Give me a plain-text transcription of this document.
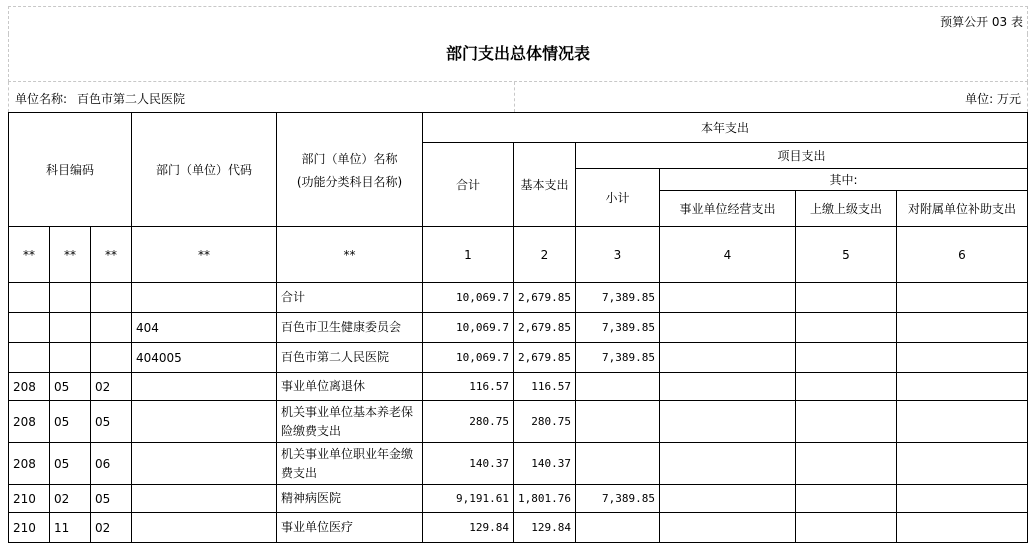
预算公开 03 表
部门支出总体情况表
单位名称: 百色市第二人民医院	单位: 万元
科目编码			部门（单位）代码	部门（单位）名称
(功能分类科目名称)	本年支出					
					合计	基本支出	项目支出			
							小计	其中:		
								事业单位经营支出	上缴上级支出	对附属单位补助支出
**	**	**	**	**	1	2	3	4	5	6
				合计	10,069.7	2,679.85	7,389.85			
			404	百色市卫生健康委员会	10,069.7	2,679.85	7,389.85			
			404005	百色市第二人民医院	10,069.7	2,679.85	7,389.85			
208	05	02		事业单位离退休	116.57	116.57				
208	05	05		机关事业单位基本养老保险缴费支出	280.75	280.75				
208	05	06		机关事业单位职业年金缴费支出	140.37	140.37				
210	02	05		精神病医院	9,191.61	1,801.76	7,389.85			
210	11	02		事业单位医疗	129.84	129.84				
